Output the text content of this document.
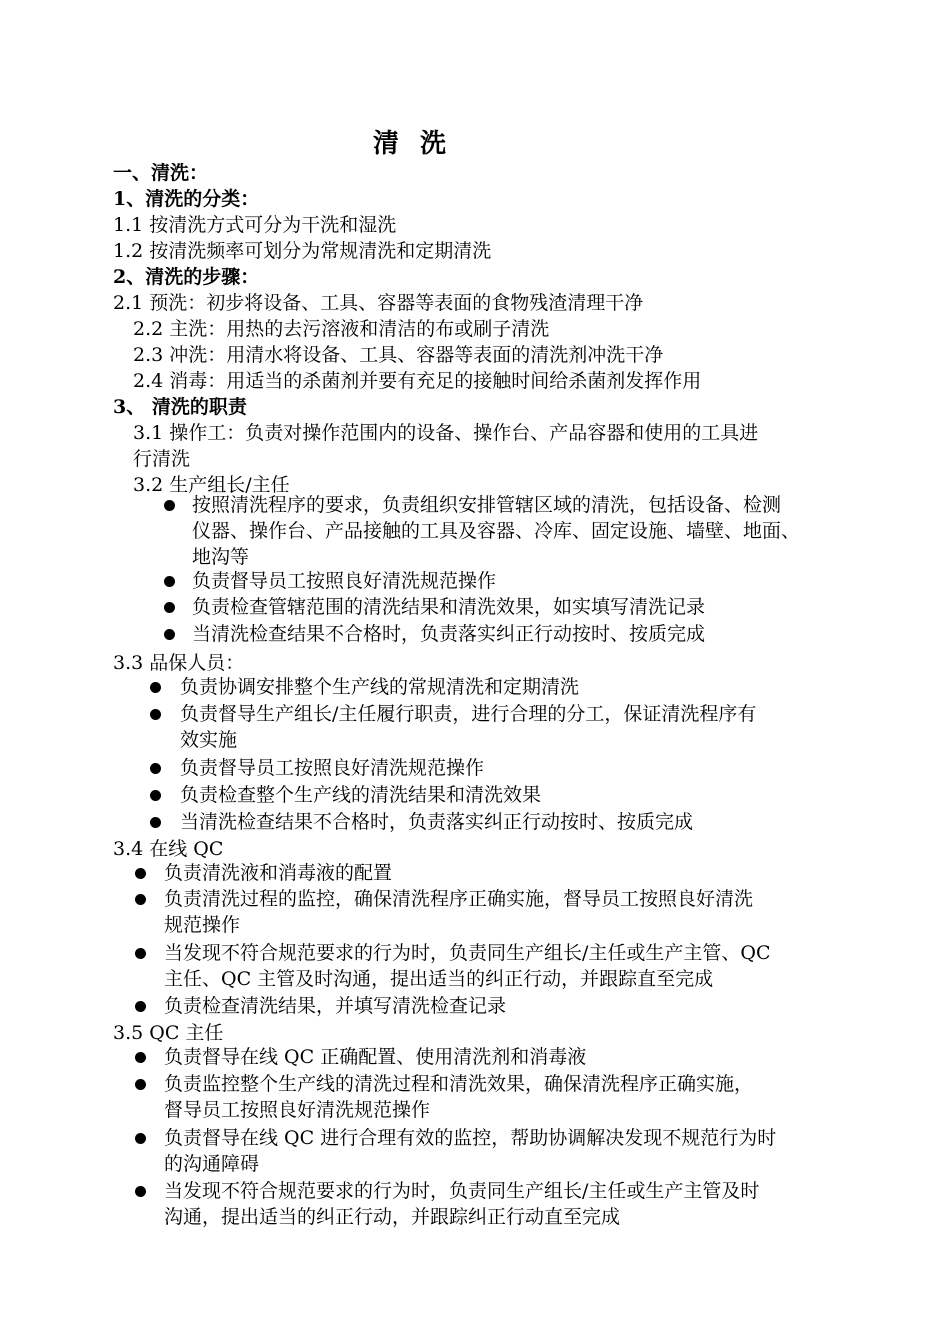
清 洗
一、清洗：
1、清洗的分类：
1.1 按清洗方式可分为干洗和湿洗
1.2 按清洗频率可划分为常规清洗和定期清洗
2、清洗的步骤：
2.1 预洗：初步将设备、工具、容器等表面的食物残渣清理干净
2.2 主洗：用热的去污溶液和清洁的布或刷子清洗
2.3 冲洗：用清水将设备、工具、容器等表面的清洗剂冲洗干净
2.4 消毒：用适当的杀菌剂并要有充足的接触时间给杀菌剂发挥作用
3、 清洗的职责
3.1 操作工：负责对操作范围内的设备、操作台、产品容器和使用的工具进
行清洗
3.2 生产组长/主任
按照清洗程序的要求，负责组织安排管辖区域的清洗，包括设备、检测
仪器、操作台、产品接触的工具及容器、冷库、固定设施、墙壁、地面、
地沟等
负责督导员工按照良好清洗规范操作
负责检查管辖范围的清洗结果和清洗效果，如实填写清洗记录
当清洗检查结果不合格时，负责落实纠正行动按时、按质完成
3.3 品保人员：
负责协调安排整个生产线的常规清洗和定期清洗
负责督导生产组长/主任履行职责，进行合理的分工，保证清洗程序有
效实施
负责督导员工按照良好清洗规范操作
负责检查整个生产线的清洗结果和清洗效果
当清洗检查结果不合格时，负责落实纠正行动按时、按质完成
3.4 在线 QC
负责清洗液和消毒液的配置
负责清洗过程的监控，确保清洗程序正确实施，督导员工按照良好清洗
规范操作
当发现不符合规范要求的行为时，负责同生产组长/主任或生产主管、QC
主任、QC 主管及时沟通，提出适当的纠正行动，并跟踪直至完成
负责检查清洗结果，并填写清洗检查记录
3.5 QC 主任
负责督导在线 QC 正确配置、使用清洗剂和消毒液
负责监控整个生产线的清洗过程和清洗效果，确保清洗程序正确实施，
督导员工按照良好清洗规范操作
负责督导在线 QC 进行合理有效的监控，帮助协调解决发现不规范行为时
的沟通障碍
当发现不符合规范要求的行为时，负责同生产组长/主任或生产主管及时
沟通，提出适当的纠正行动，并跟踪纠正行动直至完成
